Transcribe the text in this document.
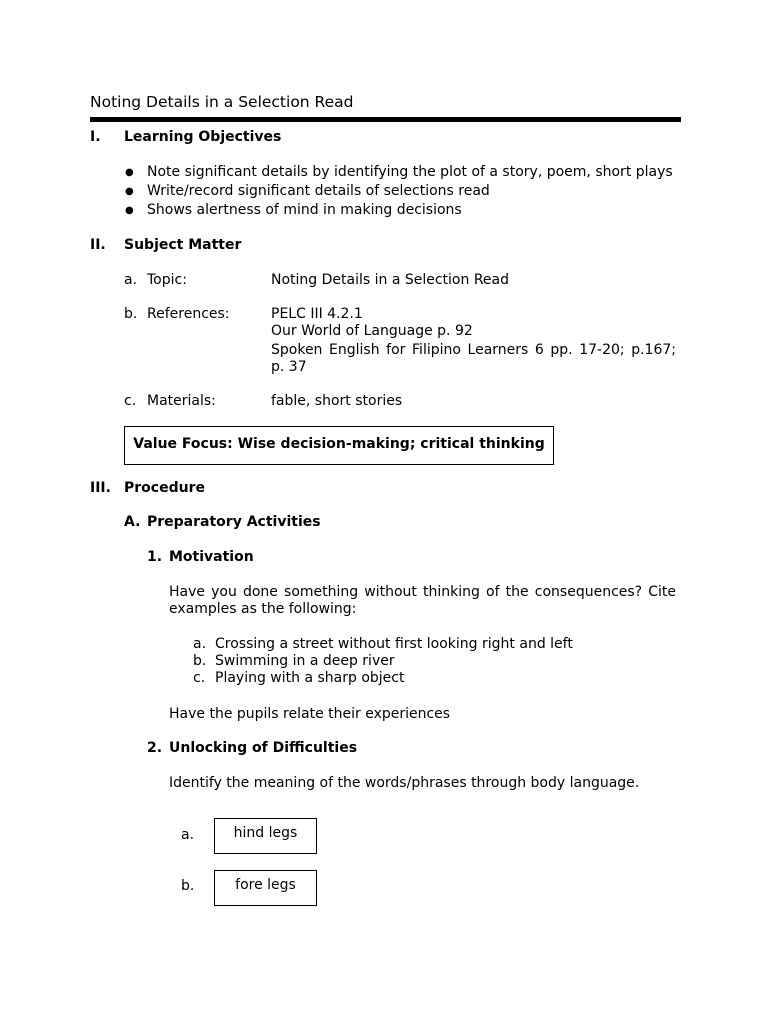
Noting Details in a Selection Read
I. Learning Objectives
● Note significant details by identifying the plot of a story, poem, short plays
● Write/record significant details of selections read
● Shows alertness of mind in making decisions
II. Subject Matter
a. Topic:	Noting Details in a Selection Read
b. References:	PELC III 4.2.1
Our World of Language p. 92
Spoken English for Filipino Learners 6 pp. 17-20; p.167;
p. 37
c. Materials:	fable, short stories
Value Focus: Wise decision-making; critical thinking
III. Procedure
A. Preparatory Activities
1. Motivation
Have you done something without thinking of the consequences? Cite examples as the following:
a. Crossing a street without first looking right and left
b. Swimming in a deep river
c. Playing with a sharp object
Have the pupils relate their experiences
2. Unlocking of Difficulties
Identify the meaning of the words/phrases through body language.
a.	hind legs
b.	fore legs
